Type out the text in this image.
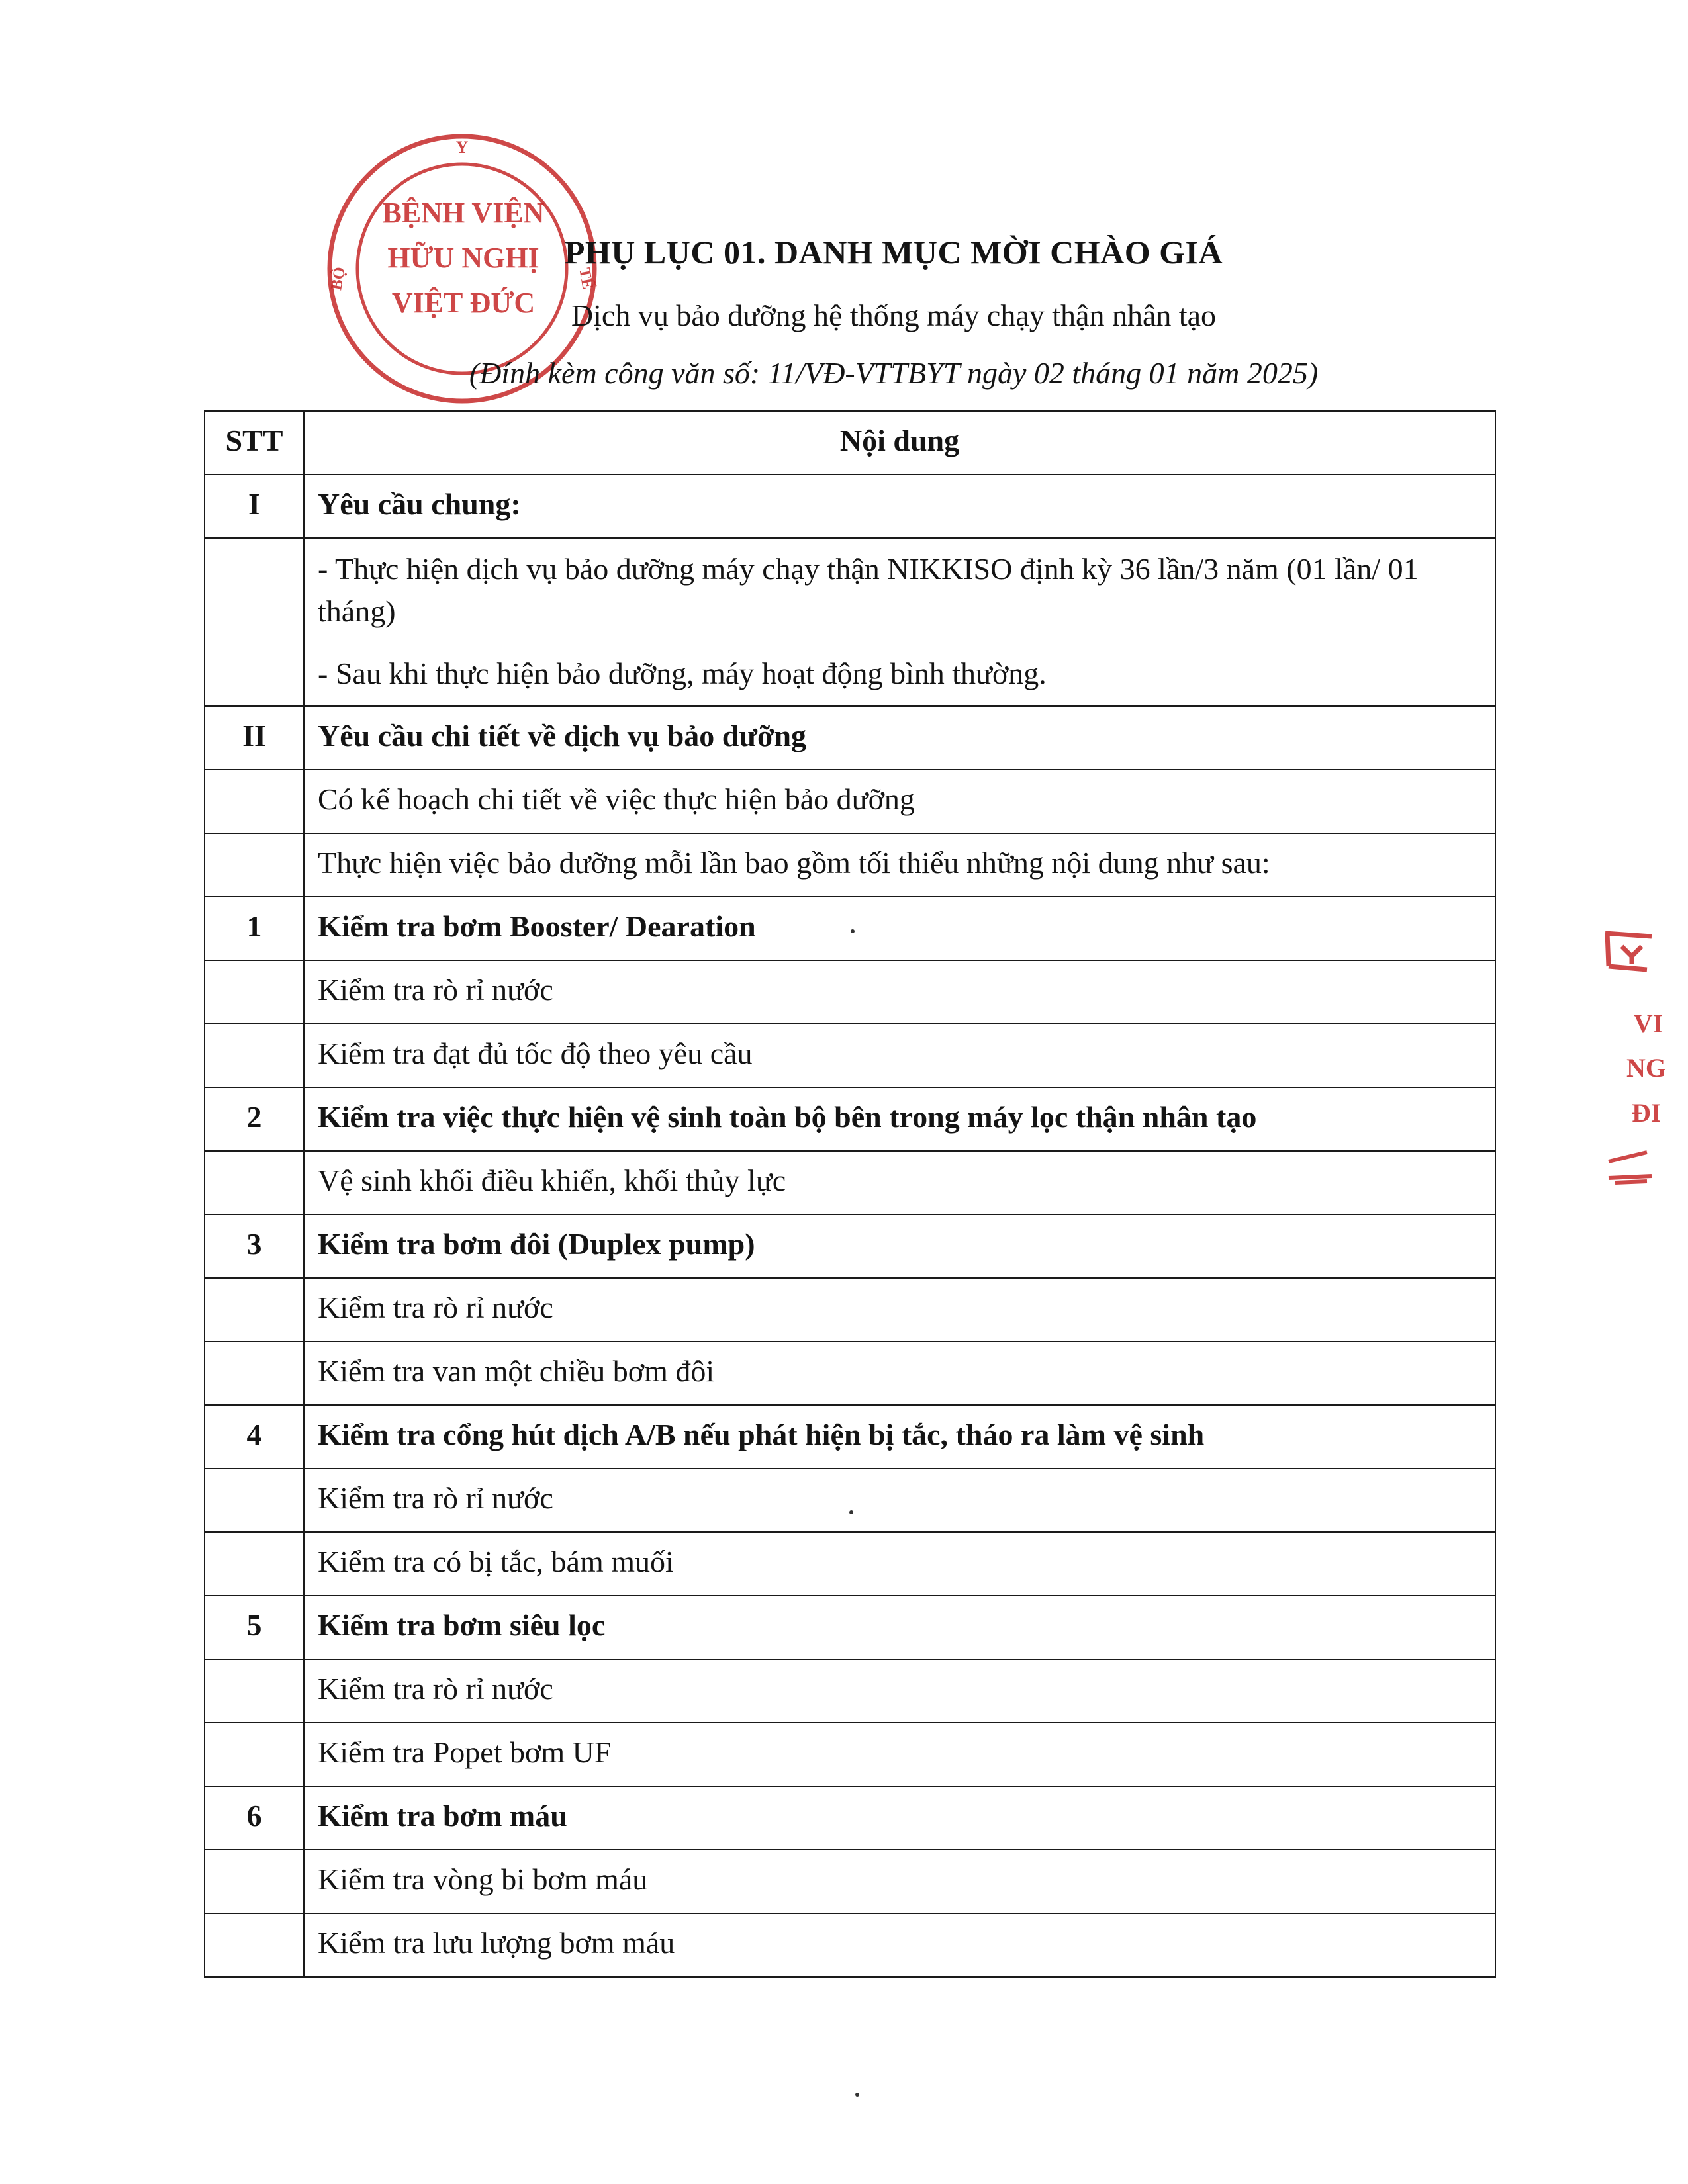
Y
BỘ	TẾ
BỆNH VIỆN
HỮU NGHỊ
VIỆT ĐỨC
VI
NG
ĐI
PHỤ LỤC 01. DANH MỤC MỜI CHÀO GIÁ
Dịch vụ bảo dưỡng hệ thống máy chạy thận nhân tạo
(Đính kèm công văn số: 11/VĐ-VTTBYT ngày 02 tháng 01 năm 2025)
STT	Nội dung
I	Yêu cầu chung:

	- Thực hiện dịch vụ bảo dưỡng máy chạy thận NIKKISO định kỳ 36 lần/3 năm (01 lần/ 01 tháng)

- Sau khi thực hiện bảo dưỡng, máy hoạt động bình thường.

II	Yêu cầu chi tiết về dịch vụ bảo dưỡng
	Có kế hoạch chi tiết về việc thực hiện bảo dưỡng
	Thực hiện việc bảo dưỡng mỗi lần bao gồm tối thiểu những nội dung như sau:
1	Kiểm tra bơm Booster/ Dearation
	Kiểm tra rò rỉ nước
	Kiểm tra đạt đủ tốc độ theo yêu cầu
2	Kiểm tra việc thực hiện vệ sinh toàn bộ bên trong máy lọc thận nhân tạo
	Vệ sinh khối điều khiển, khối thủy lực
3	Kiểm tra bơm đôi (Duplex pump)
	Kiểm tra rò rỉ nước
	Kiểm tra van một chiều bơm đôi
4	Kiểm tra cổng hút dịch A/B nếu phát hiện bị tắc, tháo ra làm vệ sinh
	Kiểm tra rò rỉ nước
	Kiểm tra có bị tắc, bám muối
5	Kiểm tra bơm siêu lọc
	Kiểm tra rò rỉ nước
	Kiểm tra Popet bơm UF
6	Kiểm tra bơm máu
	Kiểm tra vòng bi bơm máu
	Kiểm tra lưu lượng bơm máu
